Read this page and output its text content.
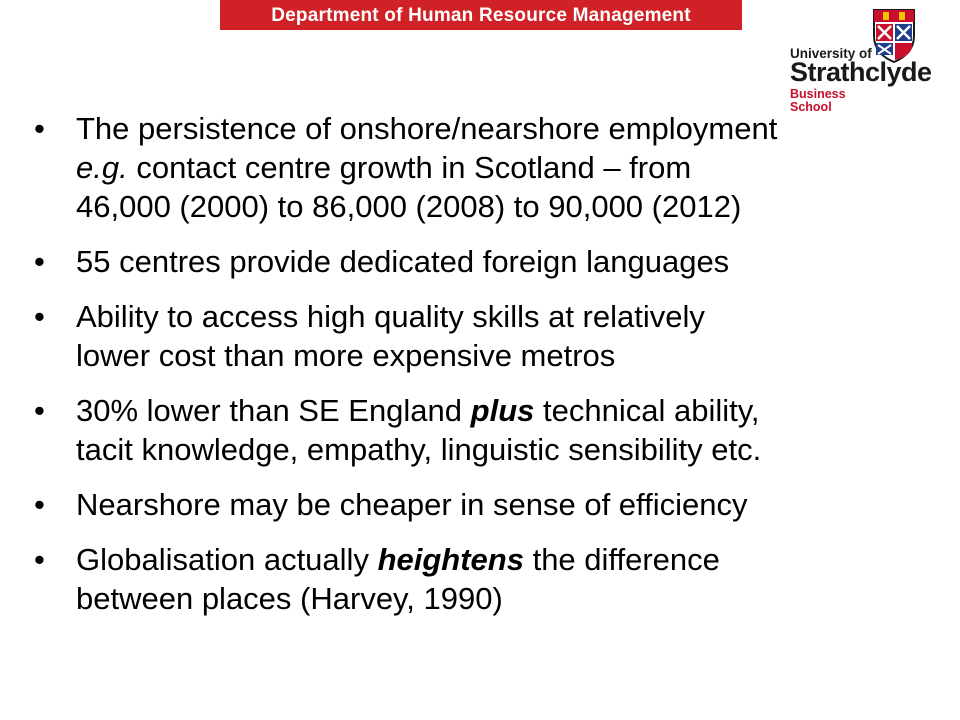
Department of Human Resource Management
University of
Strathclyde
Business
School
• The persistence of onshore/nearshore employment
e.g. contact centre growth in Scotland – from
46,000 (2000) to 86,000 (2008) to 90,000 (2012)
• 55 centres provide dedicated foreign languages
• Ability to access high quality skills at relatively
lower cost than more expensive metros
• 30% lower than SE England plus technical ability,
tacit knowledge, empathy, linguistic sensibility etc.
• Nearshore may be cheaper in sense of efficiency
• Globalisation actually heightens the difference
between places (Harvey, 1990)
